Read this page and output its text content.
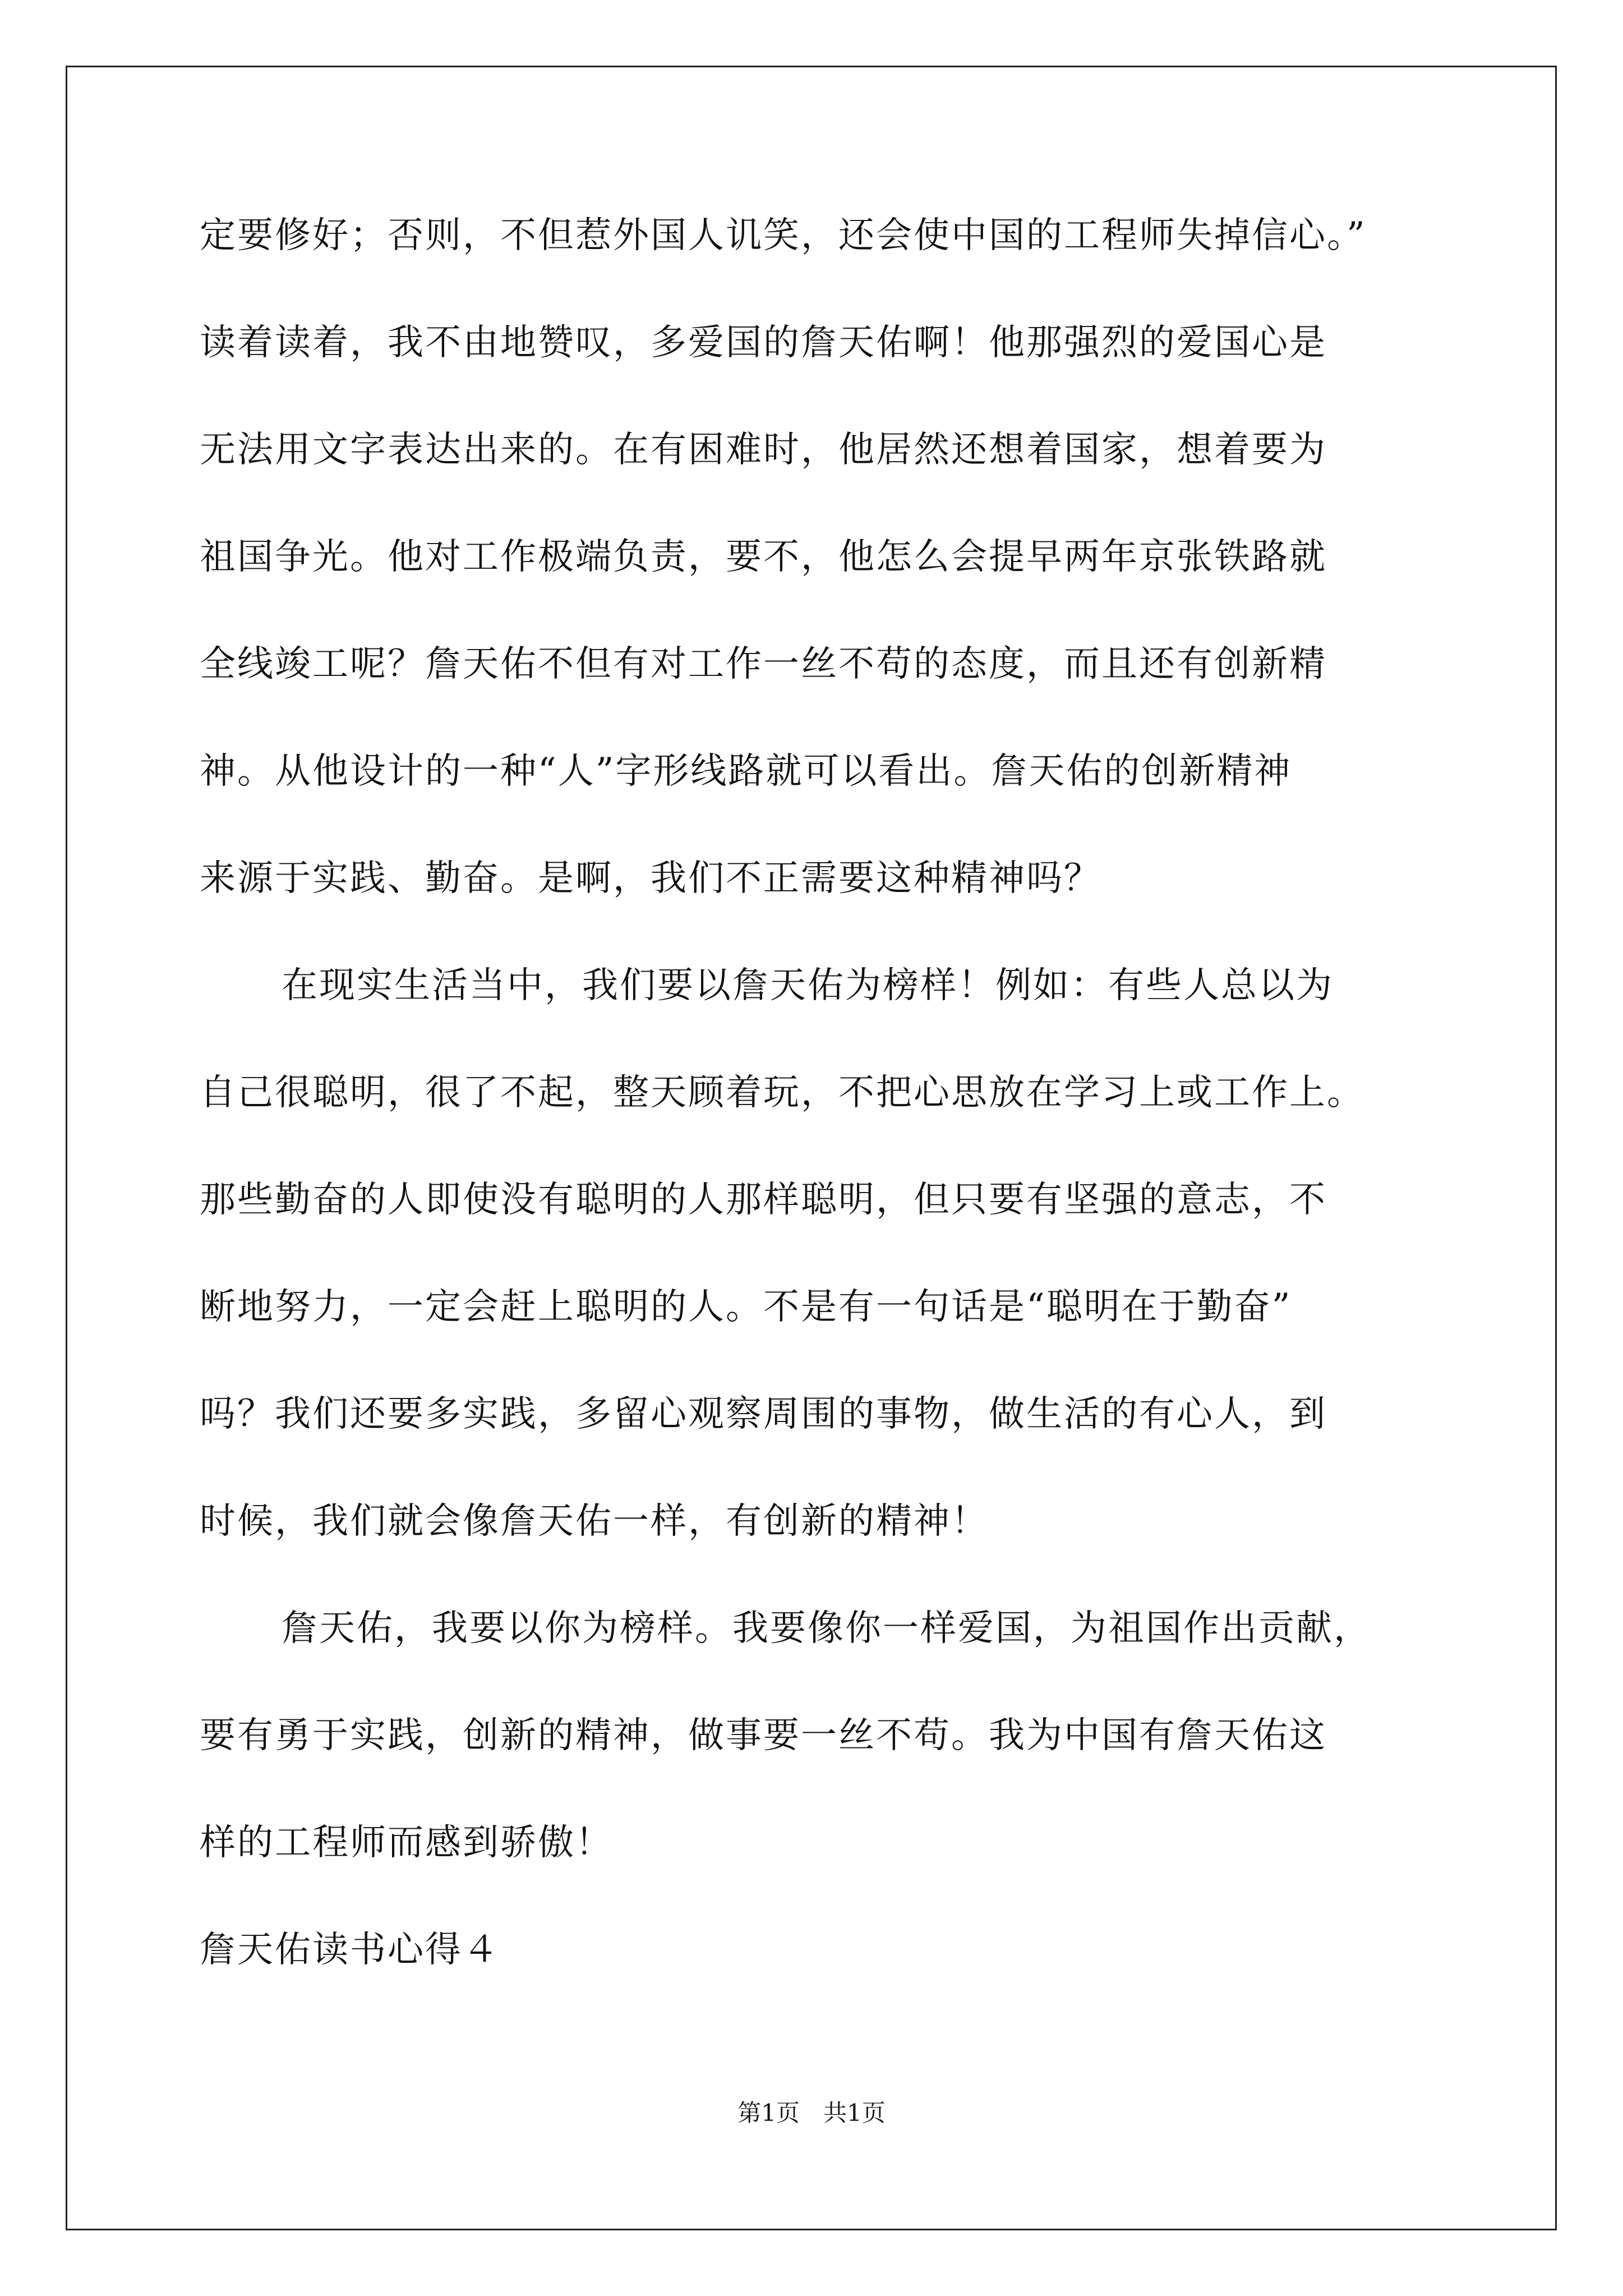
定要修好；否则，不但惹外国人讥笑，还会使中国的工程师失掉信心。”
读着读着，我不由地赞叹，多爱国的詹天佑啊！他那强烈的爱国心是
无法用文字表达出来的。在有困难时，他居然还想着国家，想着要为
祖国争光。他对工作极端负责，要不，他怎么会提早两年京张铁路就
全线竣工呢？詹天佑不但有对工作一丝不苟的态度，而且还有创新精
神。从他设计的一种“人”字形线路就可以看出。詹天佑的创新精神
来源于实践、勤奋。是啊，我们不正需要这种精神吗？
在现实生活当中，我们要以詹天佑为榜样！例如：有些人总以为
自己很聪明，很了不起，整天顾着玩，不把心思放在学习上或工作上。
那些勤奋的人即使没有聪明的人那样聪明，但只要有坚强的意志，不
断地努力，一定会赶上聪明的人。不是有一句话是“聪明在于勤奋”
吗？我们还要多实践，多留心观察周围的事物，做生活的有心人，到
时候，我们就会像詹天佑一样，有创新的精神！
詹天佑，我要以你为榜样。我要像你一样爱国，为祖国作出贡献，
要有勇于实践，创新的精神，做事要一丝不苟。我为中国有詹天佑这
样的工程师而感到骄傲！
詹天佑读书心得４
第1页　共1页
